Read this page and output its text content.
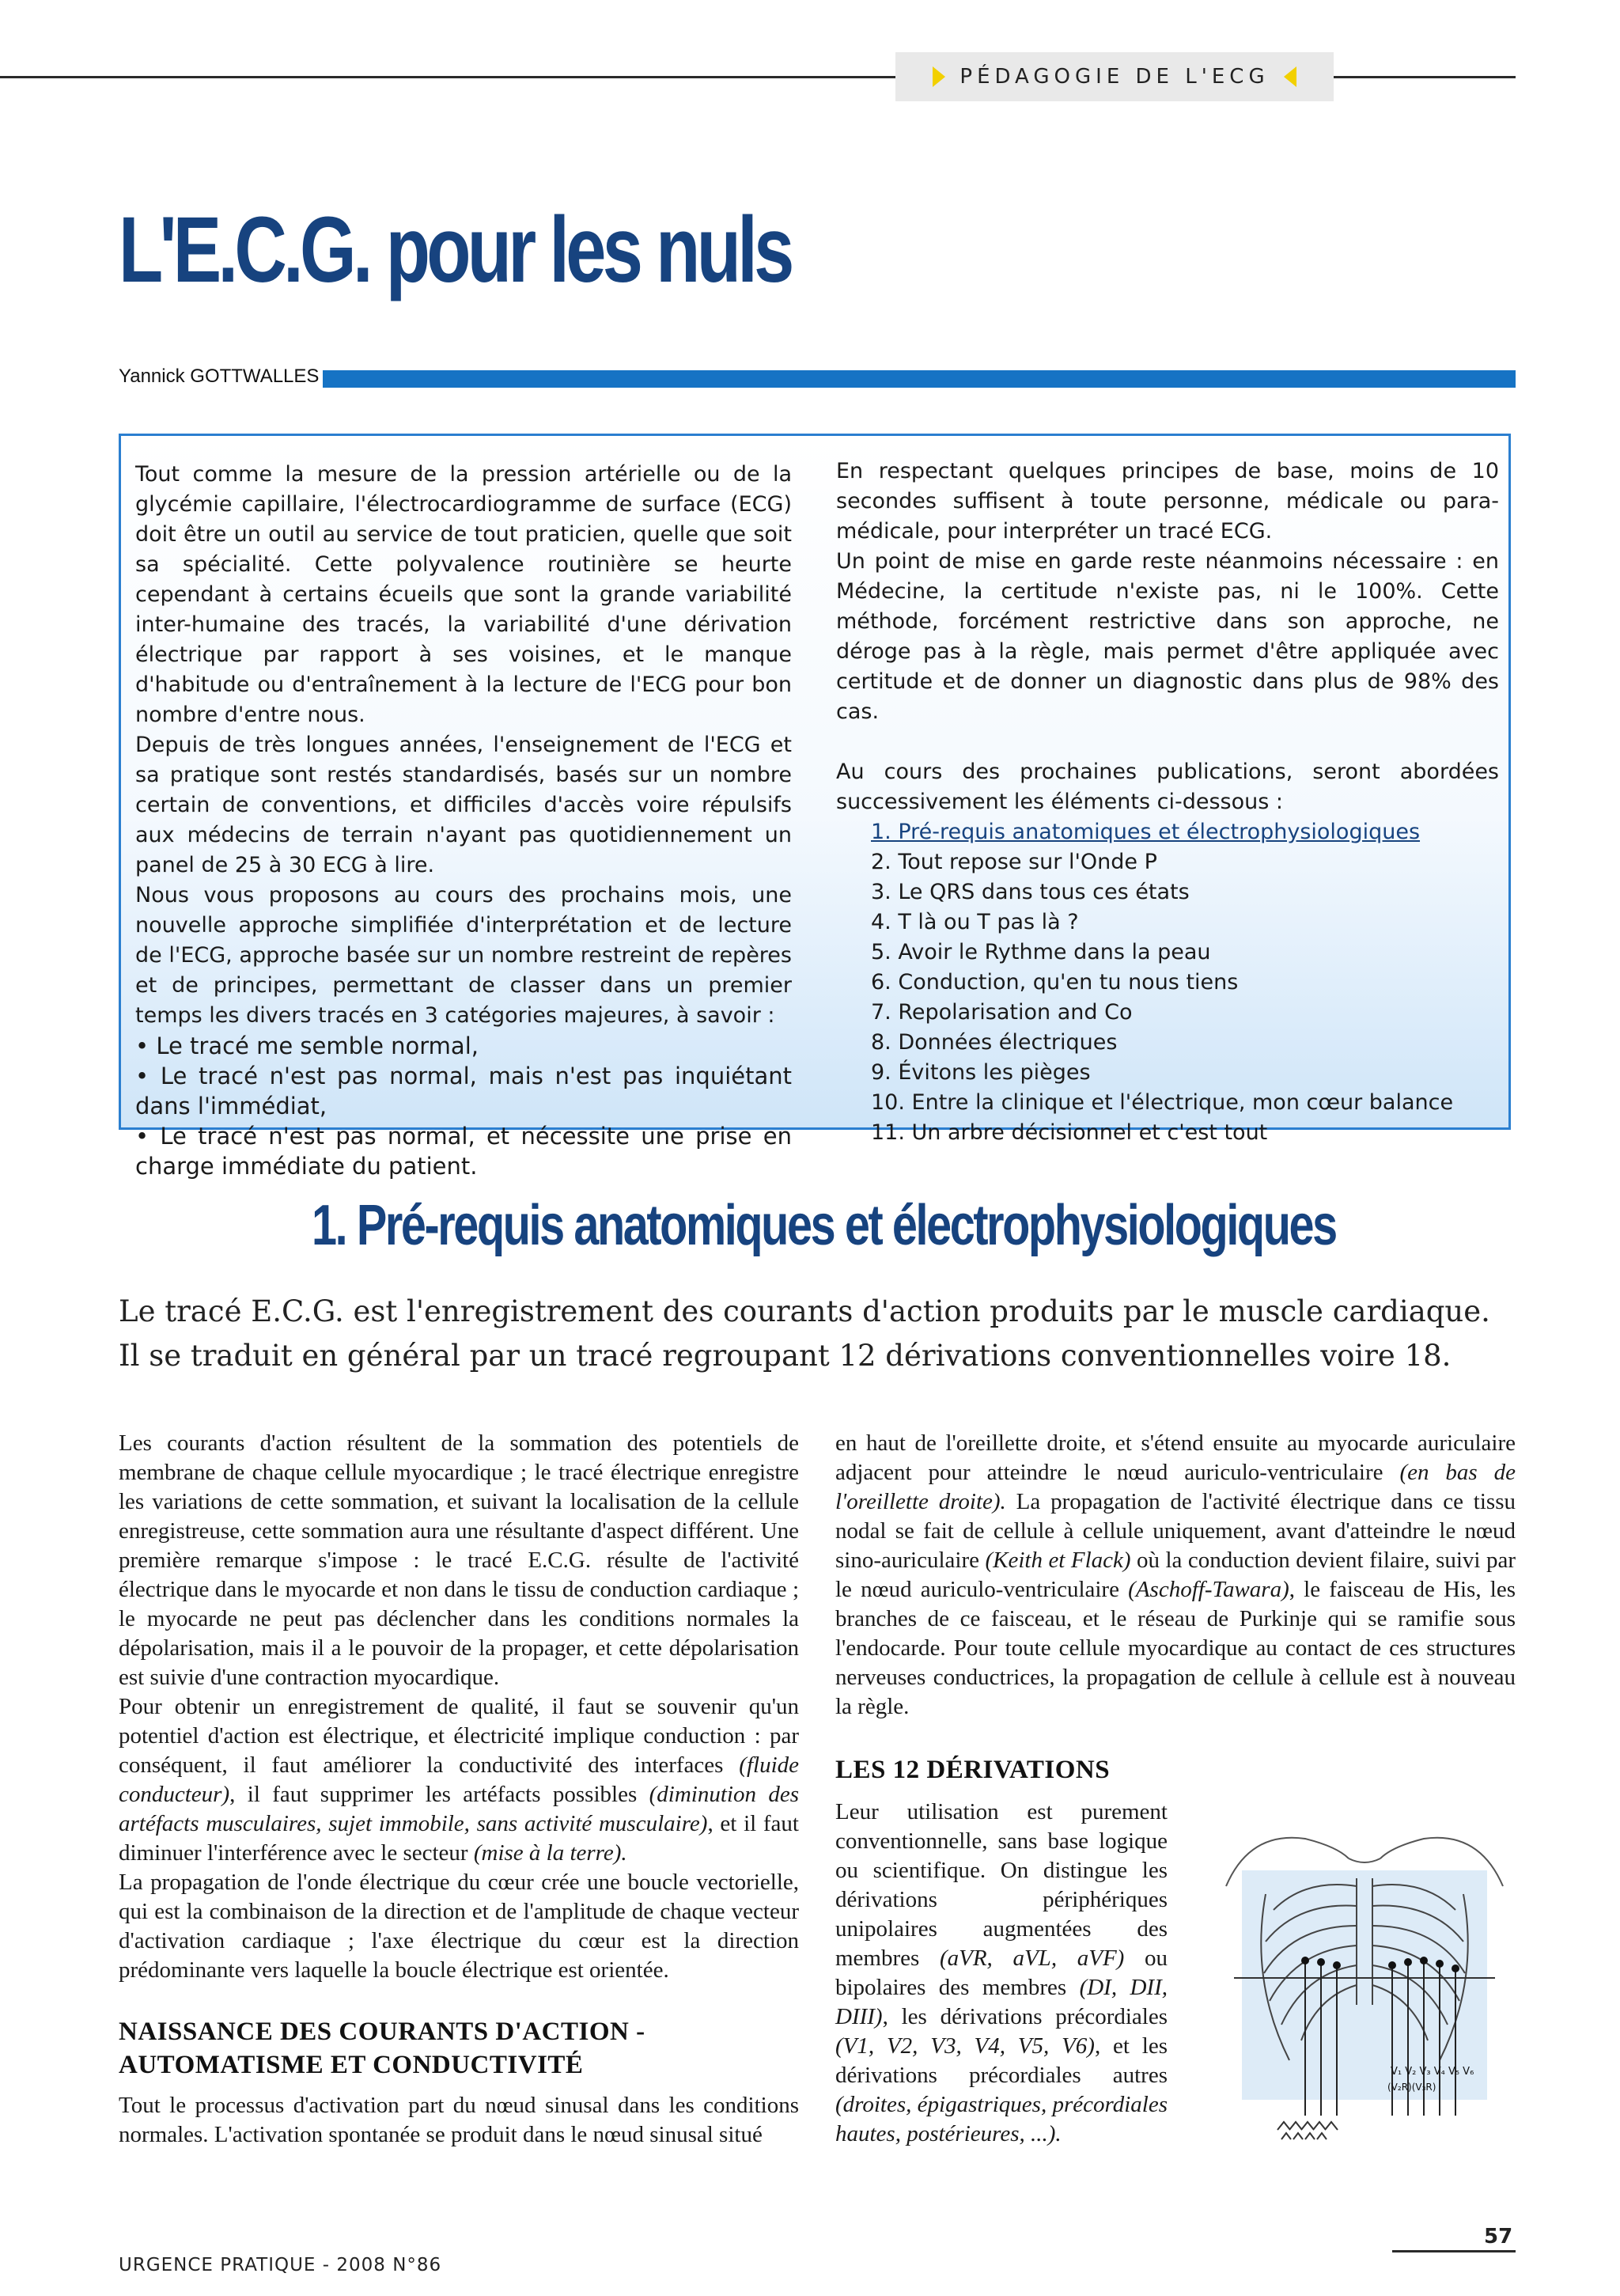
PÉDAGOGIE DE L'ECG
L'E.C.G. pour les nuls
Yannick GOTTWALLES

Tout comme la mesure de la pression artérielle ou de la glycémie capillaire, l'électrocardiogramme de surface (ECG) doit être un outil au service de tout praticien, quelle que soit sa spécialité. Cette polyvalence routinière se heurte cependant à certains écueils que sont la grande variabilité inter-humaine des tracés, la variabilité d'une dérivation électrique par rapport à ses voisines, et le manque d'habitude ou d'entraînement à la lecture de l'ECG pour bon nombre d'entre nous.

Depuis de très longues années, l'enseignement de l'ECG et sa pratique sont restés standardisés, basés sur un nombre certain de conventions, et difficiles d'accès voire répulsifs aux médecins de terrain n'ayant pas quotidiennement un panel de 25 à 30 ECG à lire.

Nous vous proposons au cours des prochains mois, une nouvelle approche simplifiée d'interprétation et de lecture de l'ECG, approche basée sur un nombre restreint de repères et de principes, permettant de classer dans un premier temps les divers tracés en 3 catégories majeures, à savoir :

• Le tracé me semble normal,

• Le tracé n'est pas normal, mais n'est pas inquiétant dans l'immédiat,

• Le tracé n'est pas normal, et nécessite une prise en charge immédiate du patient.

En respectant quelques principes de base, moins de 10 secondes suffisent à toute personne, médicale ou para-médicale, pour interpréter un tracé ECG.

Un point de mise en garde reste néanmoins nécessaire : en Médecine, la certitude n'existe pas, ni le 100%. Cette méthode, forcément restrictive dans son approche, ne déroge pas à la règle, mais permet d'être appliquée avec certitude et de donner un diagnostic dans plus de 98% des cas.

Au cours des prochaines publications, seront abordées successivement les éléments ci-dessous :

1. Pré-requis anatomiques et électrophysiologiques
2. Tout repose sur l'Onde P
3. Le QRS dans tous ces états
4. T là ou T pas là ?
5. Avoir le Rythme dans la peau
6. Conduction, qu'en tu nous tiens
7. Repolarisation and Co
8. Données électriques
9. Évitons les pièges
10. Entre la clinique et l'électrique, mon cœur balance
11. Un arbre décisionnel et c'est tout
1. Pré-requis anatomiques et électrophysiologiques
Le tracé E.C.G. est l'enregistrement des courants d'action produits par le muscle cardiaque.
Il se traduit en général par un tracé regroupant 12 dérivations conventionnelles voire 18.

Les courants d'action résultent de la sommation des potentiels de membrane de chaque cellule myocardique ; le tracé électrique enregistre les variations de cette sommation, et suivant la localisation de la cellule enregistreuse, cette sommation aura une résultante d'aspect différent. Une première remarque s'impose : le tracé E.C.G. résulte de l'activité électrique dans le myocarde et non dans le tissu de conduction cardiaque ; le myocarde ne peut pas déclencher dans les conditions normales la dépolarisation, mais il a le pouvoir de la propager, et cette dépolarisation est suivie d'une contraction myocardique.

Pour obtenir un enregistrement de qualité, il faut se souvenir qu'un potentiel d'action est électrique, et électricité implique conduction : par conséquent, il faut améliorer la conductivité des interfaces (fluide conducteur), il faut supprimer les artéfacts possibles (diminution des artéfacts musculaires, sujet immobile, sans activité musculaire), et il faut diminuer l'interférence avec le secteur (mise à la terre).

La propagation de l'onde électrique du cœur crée une boucle vectorielle, qui est la combinaison de la direction et de l'amplitude de chaque vecteur d'activation cardiaque ; l'axe électrique du cœur est la direction prédominante vers laquelle la boucle électrique est orientée.

NAISSANCE DES COURANTS D'ACTION -
AUTOMATISME ET CONDUCTIVITÉ

Tout le processus d'activation part du nœud sinusal dans les conditions normales. L'activation spontanée se produit dans le nœud sinusal situé

en haut de l'oreillette droite, et s'étend ensuite au myocarde auriculaire adjacent pour atteindre le nœud auriculo-ventriculaire (en bas de l'oreillette droite). La propagation de l'activité électrique dans ce tissu nodal se fait de cellule à cellule uniquement, avant d'atteindre le nœud sino-auriculaire (Keith et Flack) où la conduction devient filaire, suivi par le nœud auriculo-ventriculaire (Aschoff-Tawara), le faisceau de His, les branches de ce faisceau, et le réseau de Purkinje qui se ramifie sous l'endocarde. Pour toute cellule myocardique au contact de ces structures nerveuses conductrices, la propagation de cellule à cellule est à nouveau la règle.

LES 12 DÉRIVATIONS

Leur utilisation est purement conventionnelle, sans base logique ou scientifique. On distingue les dérivations périphériques unipolaires augmentées des membres (aVR, aVL, aVF) ou bipolaires des membres (DI, DII, DIII), les dérivations précordiales (V1, V2, V3, V4, V5, V6), et les dérivations précordiales autres (droites, épigastriques, précordiales hautes, postérieures, ...).

V₁ V₂ V₃ V₄ V₅ V₆
(V₂R)(V₃R)
URGENCE PRATIQUE - 2008 N°86
57
